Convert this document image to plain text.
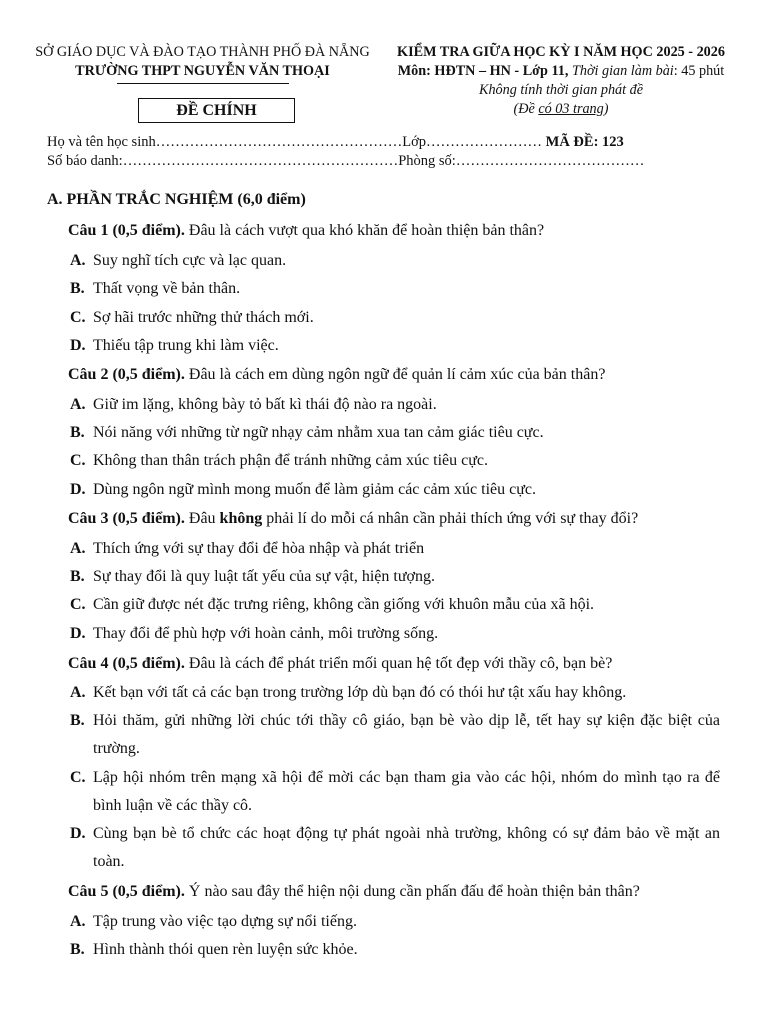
SỞ GIÁO DỤC VÀ ĐÀO TẠO THÀNH PHỐ ĐÀ NẴNG
TRƯỜNG THPT NGUYỄN VĂN THOẠI
KIỂM TRA GIỮA HỌC KỲ I NĂM HỌC 2025 - 2026
Môn: HĐTN – HN - Lớp 11, Thời gian làm bài: 45 phút
Không tính thời gian phát đề
(Đề có 03 trang)
ĐỀ CHÍNH
Họ và tên học sinh……………………………………………Lớp…………………… MÃ ĐỀ: 123
Số báo danh:…………………………………………………Phòng số:…………………………………
A. PHẦN TRẮC NGHIỆM (6,0 điểm)
Câu 1 (0,5 điểm). Đâu là cách vượt qua khó khăn để hoàn thiện bản thân?
A. Suy nghĩ tích cực và lạc quan.
B. Thất vọng về bản thân.
C. Sợ hãi trước những thử thách mới.
D. Thiếu tập trung khi làm việc.
Câu 2 (0,5 điểm). Đâu là cách em dùng ngôn ngữ để quản lí cảm xúc của bản thân?
A. Giữ im lặng, không bày tỏ bất kì thái độ nào ra ngoài.
B. Nói năng với những từ ngữ nhạy cảm nhằm xua tan cảm giác tiêu cực.
C. Không than thân trách phận để tránh những cảm xúc tiêu cực.
D. Dùng ngôn ngữ mình mong muốn để làm giảm các cảm xúc tiêu cực.
Câu 3 (0,5 điểm). Đâu không phải lí do mỗi cá nhân cần phải thích ứng với sự thay đổi?
A. Thích ứng với sự thay đổi để hòa nhập và phát triển
B. Sự thay đổi là quy luật tất yếu của sự vật, hiện tượng.
C. Cần giữ được nét đặc trưng riêng, không cần giống với khuôn mẫu của xã hội.
D. Thay đổi để phù hợp với hoàn cảnh, môi trường sống.
Câu 4 (0,5 điểm). Đâu là cách để phát triển mối quan hệ tốt đẹp với thầy cô, bạn bè?
A. Kết bạn với tất cả các bạn trong trường lớp dù bạn đó có thói hư tật xấu hay không.
B. Hỏi thăm, gửi những lời chúc tới thầy cô giáo, bạn bè vào dịp lễ, tết hay sự kiện đặc biệt của trường.
C. Lập hội nhóm trên mạng xã hội để mời các bạn tham gia vào các hội, nhóm do mình tạo ra để bình luận về các thầy cô.
D. Cùng bạn bè tổ chức các hoạt động tự phát ngoài nhà trường, không có sự đảm bảo về mặt an toàn.
Câu 5 (0,5 điểm). Ý nào sau đây thể hiện nội dung cần phấn đấu để hoàn thiện bản thân?
A. Tập trung vào việc tạo dựng sự nổi tiếng.
B. Hình thành thói quen rèn luyện sức khỏe.
